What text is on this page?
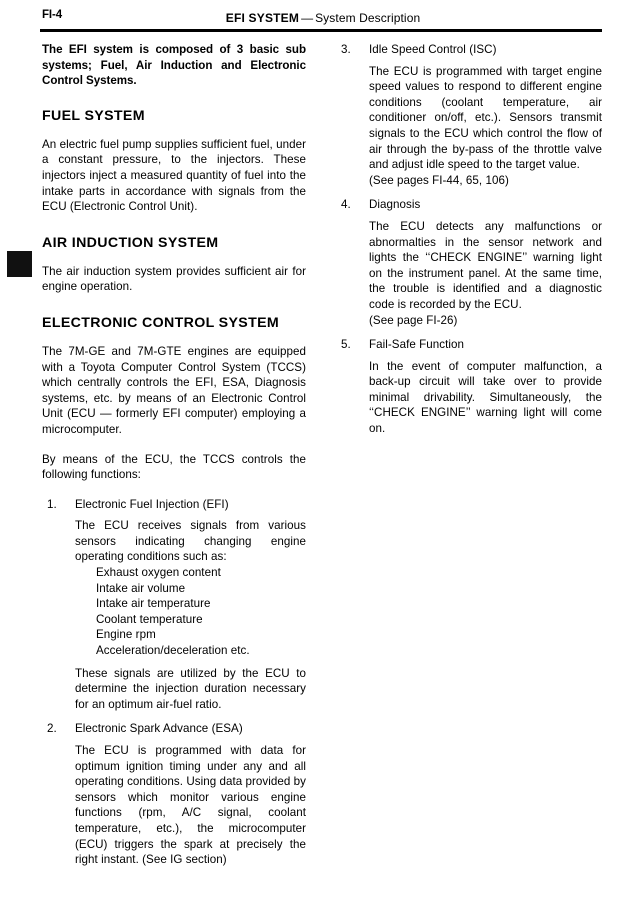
FI-4	EFI SYSTEM — System Description

The EFI system is composed of 3 basic sub systems; Fuel, Air Induction and Electronic Control Systems.

FUEL SYSTEM

An electric fuel pump supplies sufficient fuel, under a constant pressure, to the injectors. These injectors inject a measured quantity of fuel into the intake parts in accordance with signals from the ECU (Electronic Control Unit).

AIR INDUCTION SYSTEM

The air induction system provides sufficient air for engine operation.

ELECTRONIC CONTROL SYSTEM

The 7M-GE and 7M-GTE engines are equipped with a Toyota Computer Control System (TCCS) which centrally controls the EFI, ESA, Diagnosis systems, etc. by means of an Electronic Control Unit (ECU — formerly EFI computer) employing a microcomputer.

By means of the ECU, the TCCS controls the following functions:

1. Electronic Fuel Injection (EFI)

The ECU receives signals from various sensors indicating changing engine operating conditions such as:

Exhaust oxygen content
Intake air volume
Intake air temperature
Coolant temperature
Engine rpm
Acceleration/deceleration etc.

These signals are utilized by the ECU to determine the injection duration necessary for an optimum air-fuel ratio.

2. Electronic Spark Advance (ESA)

The ECU is programmed with data for optimum ignition timing under any and all operating conditions. Using data provided by sensors which monitor various engine functions (rpm, A/C signal, coolant temperature, etc.), the microcomputer (ECU) triggers the spark at precisely the right instant. (See IG section)

3. Idle Speed Control (ISC)

The ECU is programmed with target engine speed values to respond to different engine conditions (coolant temperature, air conditioner on/off, etc.). Sensors transmit signals to the ECU which control the flow of air through the by-pass of the throttle valve and adjust idle speed to the target value.

(See pages FI-44, 65, 106)

4. Diagnosis

The ECU detects any malfunctions or abnormalties in the sensor network and lights the ‘‘CHECK ENGINE’’ warning light on the instrument panel. At the same time, the trouble is identified and a diagnostic code is recorded by the ECU.

(See page FI-26)

5. Fail-Safe Function

In the event of computer malfunction, a back-up circuit will take over to provide minimal drivability. Simultaneously, the ‘‘CHECK ENGINE’’ warning light will come on.
